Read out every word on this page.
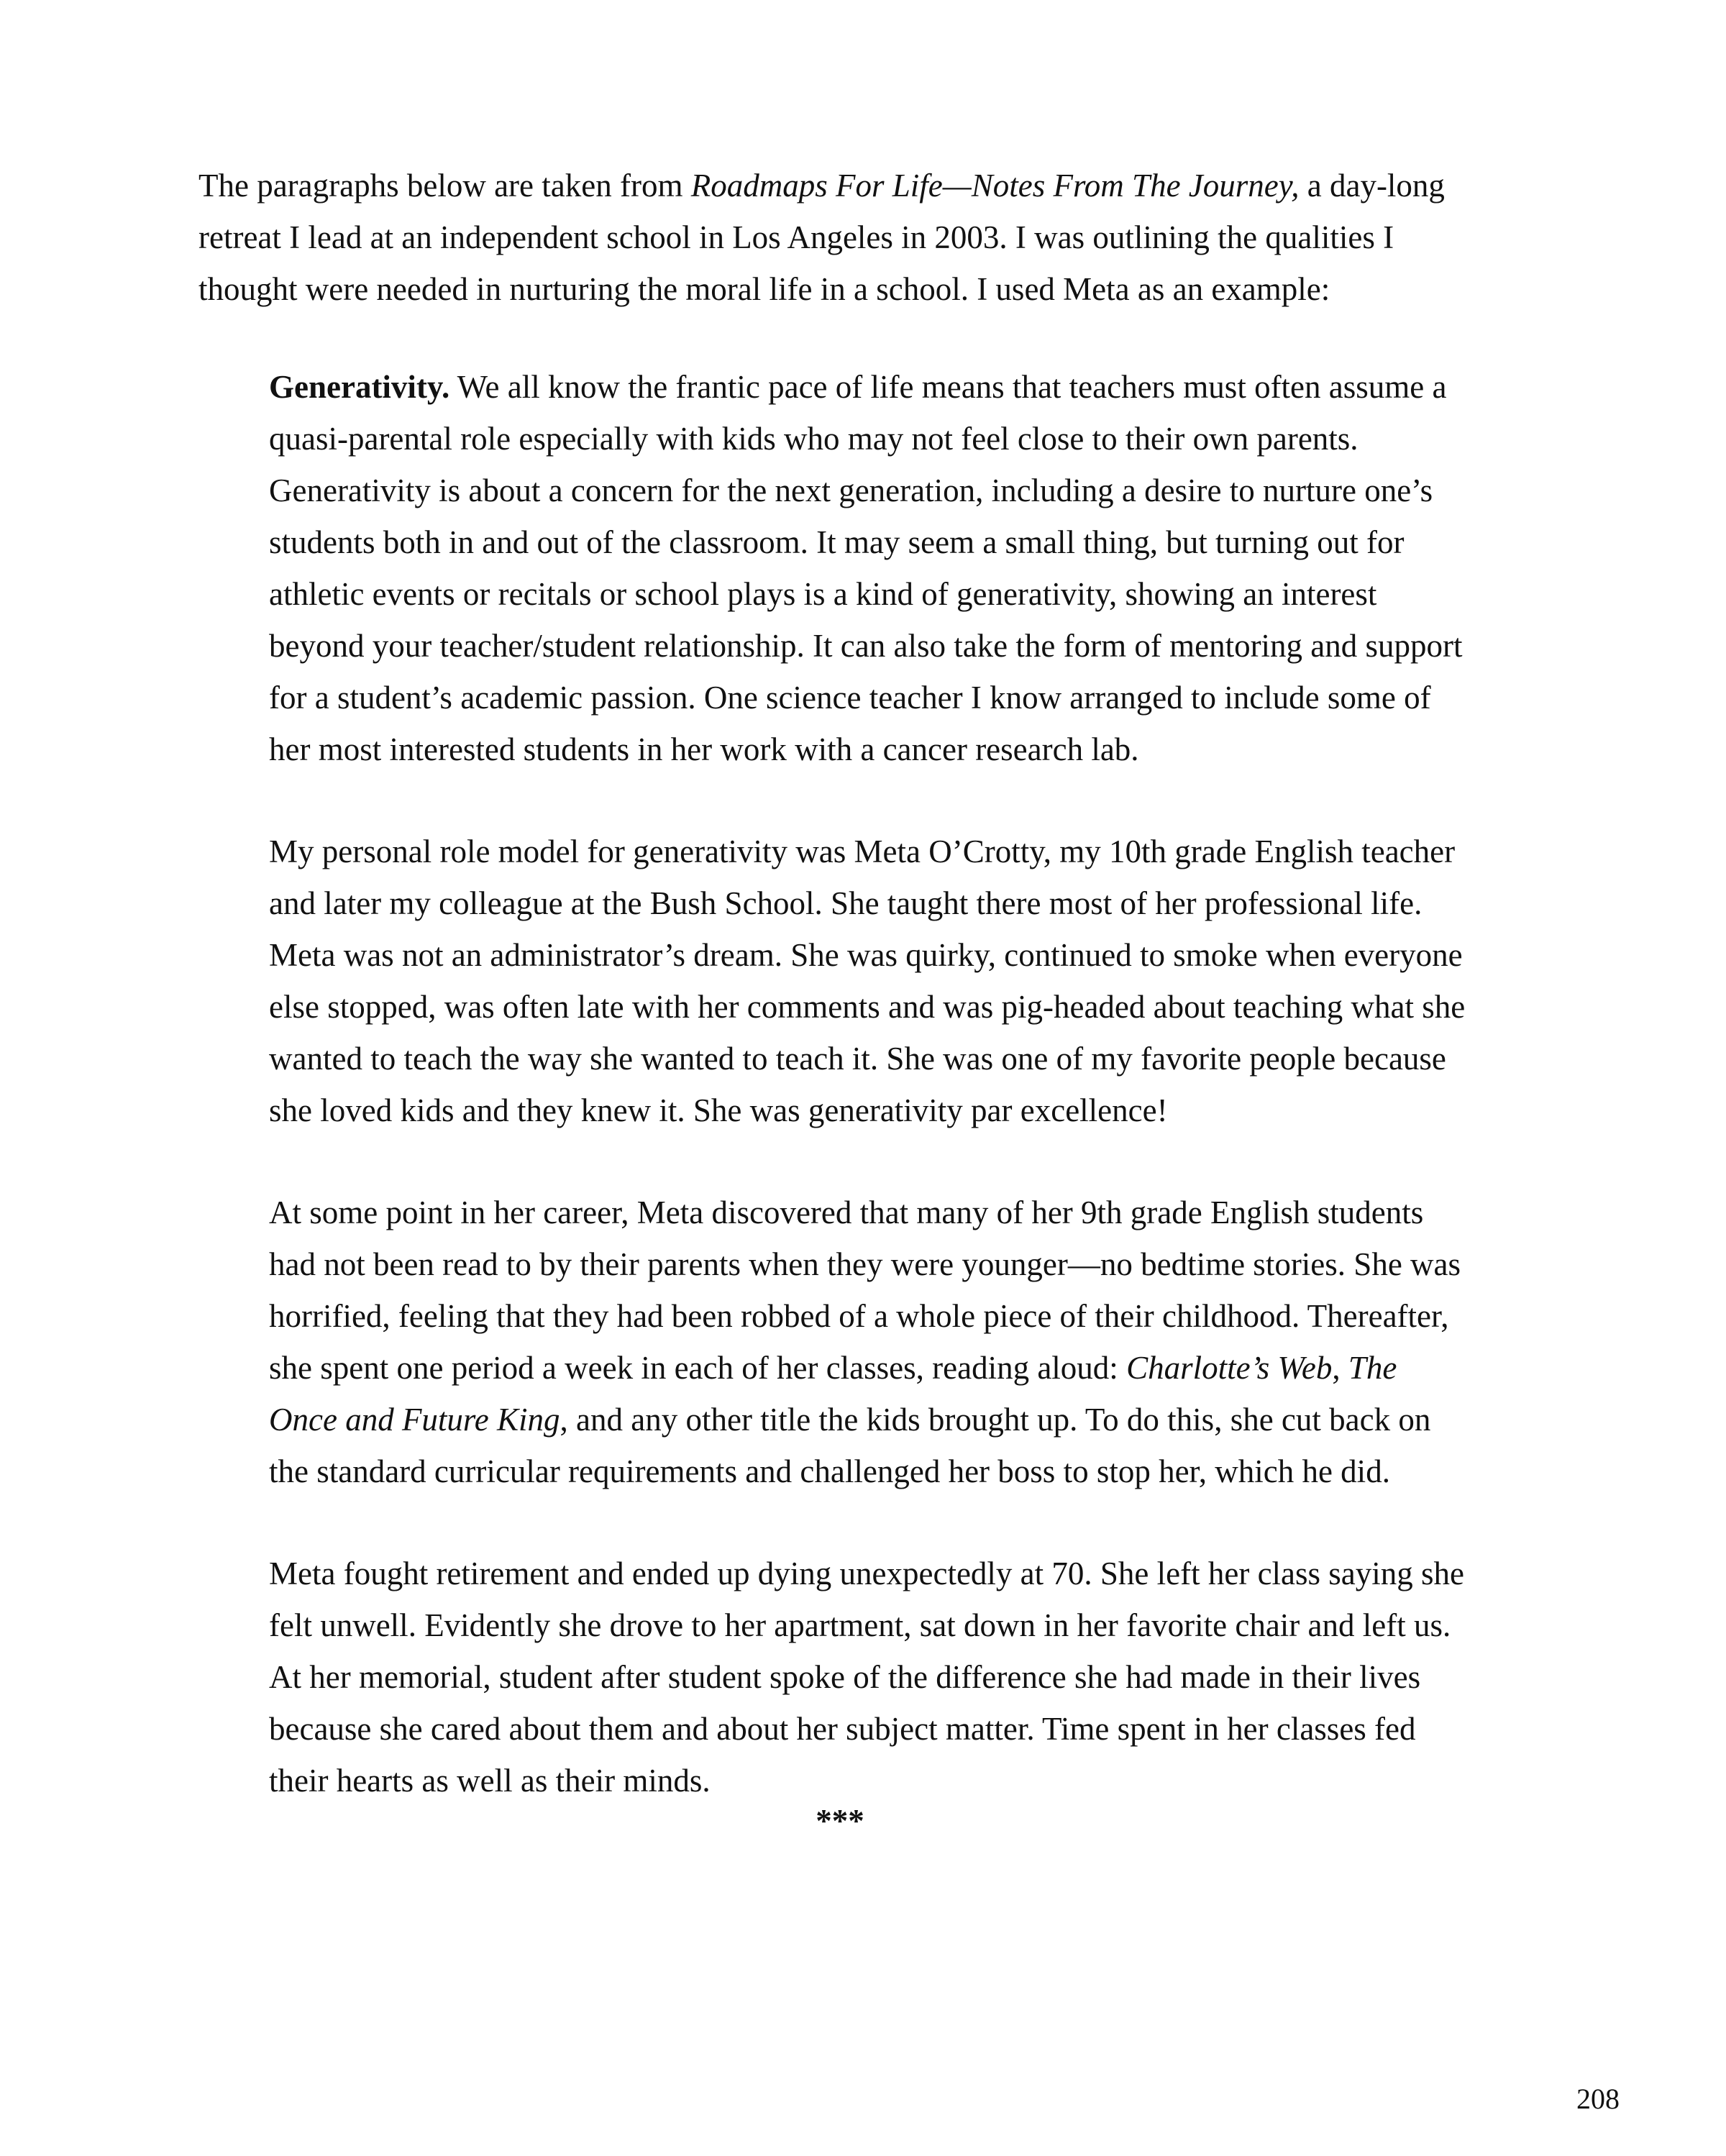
The paragraphs below are taken from Roadmaps For Life—Notes From The Journey, a day-long
retreat I lead at an independent school in Los Angeles in 2003. I was outlining the qualities I
thought were needed in nurturing the moral life in a school. I used Meta as an example:

Generativity. We all know the frantic pace of life means that teachers must often assume a
quasi-parental role especially with kids who may not feel close to their own parents.
Generativity is about a concern for the next generation, including a desire to nurture one’s
students both in and out of the classroom. It may seem a small thing, but turning out for
athletic events or recitals or school plays is a kind of generativity, showing an interest
beyond your teacher/student relationship. It can also take the form of mentoring and support
for a student’s academic passion. One science teacher I know arranged to include some of
her most interested students in her work with a cancer research lab.

My personal role model for generativity was Meta O’Crotty, my 10th grade English teacher
and later my colleague at the Bush School. She taught there most of her professional life.
Meta was not an administrator’s dream. She was quirky, continued to smoke when everyone
else stopped, was often late with her comments and was pig-headed about teaching what she
wanted to teach the way she wanted to teach it. She was one of my favorite people because
she loved kids and they knew it. She was generativity par excellence!

At some point in her career, Meta discovered that many of her 9th grade English students
had not been read to by their parents when they were younger—no bedtime stories. She was
horrified, feeling that they had been robbed of a whole piece of their childhood. Thereafter,
she spent one period a week in each of her classes, reading aloud: Charlotte’s Web, The
Once and Future King, and any other title the kids brought up. To do this, she cut back on
the standard curricular requirements and challenged her boss to stop her, which he did.

Meta fought retirement and ended up dying unexpectedly at 70. She left her class saying she
felt unwell. Evidently she drove to her apartment, sat down in her favorite chair and left us.
At her memorial, student after student spoke of the difference she had made in their lives
because she cared about them and about her subject matter. Time spent in her classes fed
their hearts as well as their minds.

***

208
